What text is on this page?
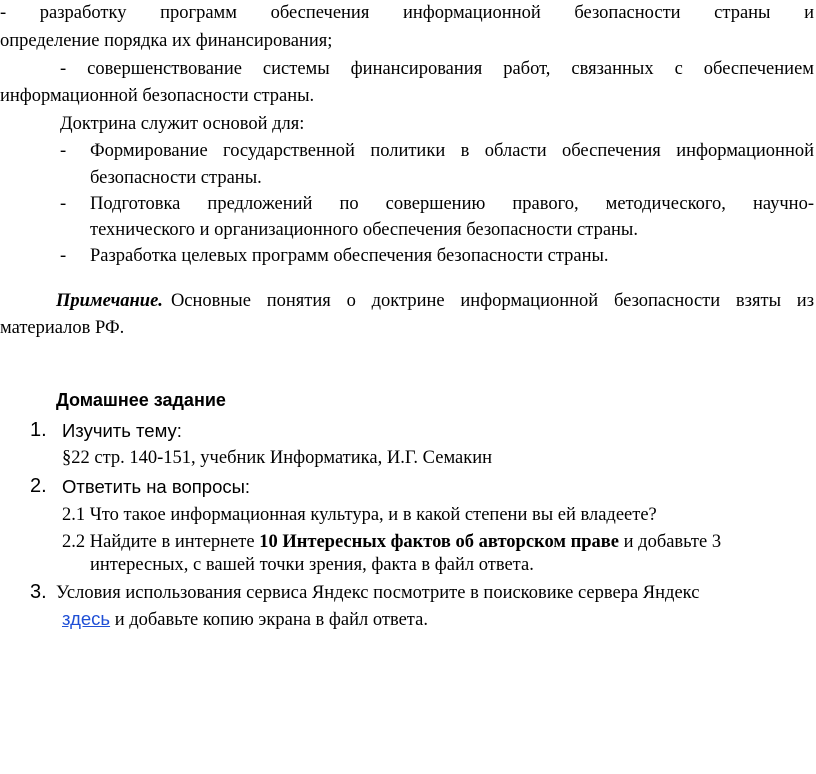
- разработку программ обеспечения информационной безопасности страны и
определение порядка их финансирования;
- совершенствование системы финансирования работ, связанных с обеспечением
информационной безопасности страны.
Доктрина служит основой для:
- Формирование государственной политики в области обеспечения информационной
безопасности страны.
- Подготовка предложений по совершению правого, методического, научно-
технического и организационного обеспечения безопасности страны.
- Разработка целевых программ обеспечения безопасности страны.
Примечание. Основные понятия о доктрине информационной безопасности взяты из
материалов РФ.
Домашнее задание
1. Изучить тему:
§22 стр. 140-151, учебник Информатика, И.Г. Семакин
2. Ответить на вопросы:
2.1 Что такое информационная культура, и в какой степени вы ей владеете?
2.2 Найдите в интернете 10 Интересных фактов об авторском праве и добавьте 3
интересных, с вашей точки зрения, факта в файл ответа.
3. Условия использования сервиса Яндекс посмотрите в поисковике сервера Яндекс
здесь и добавьте копию экрана в файл ответа.
